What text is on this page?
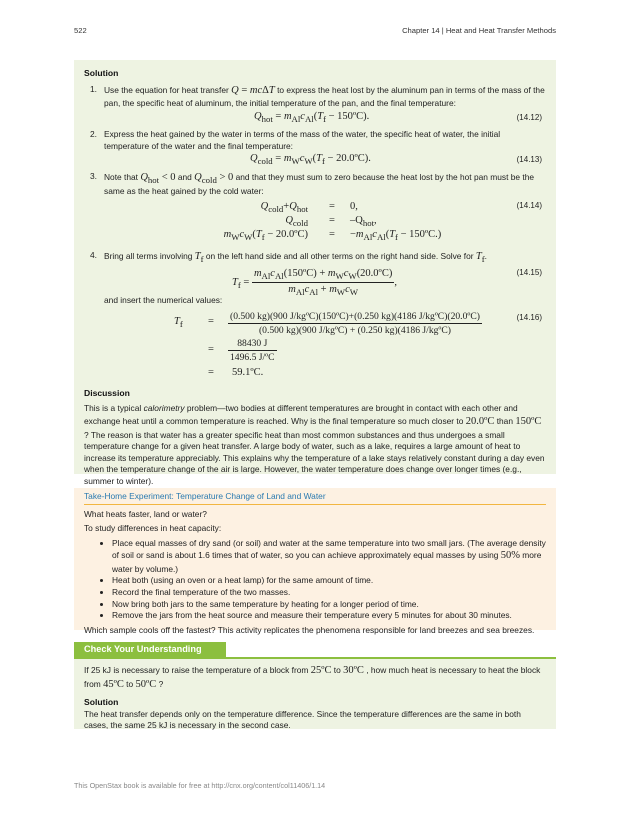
522	Chapter 14 | Heat and Heat Transfer Methods
Solution
1. Use the equation for heat transfer Q = mcΔT to express the heat lost by the aluminum pan in terms of the mass of the pan, the specific heat of aluminum, the initial temperature of the pan, and the final temperature:
$Q_{hot} = m_{Al}c_{Al}(T_f$ − 150ºC).	(14.12)
2. Express the heat gained by the water in terms of the mass of the water, the specific heat of water, the initial temperature of the water and the final temperature:
$Q_{cold} = m_Wc_W(T_f$ − 20.0ºC).	(14.13)
3. Note that $Q_{hot} < 0$ and $Q_{cold} > 0$ and that they must sum to zero because the heat lost by the hot pan must be the same as the heat gained by the cold water:
(14.14)
$Q_{cold}+Q_{hot} = 0$,
$Q_{cold} = -Q_{hot}$,
$m_Wc_W(T_f$ − 20.0ºC) = $-m_{Al}c_{Al}(T_f$ − 150ºC.)
4. Bring all terms involving $T_f$ on the left hand side and all other terms on the right hand side. Solve for $T_f$.
(14.15)
$T_f = \frac{m_{Al}c_{Al}(150ºC) + m_Wc_W(20.0ºC)}{m_{Al}c_{Al} + m_Wc_W}$ ,
and insert the numerical values:
(14.16)
$T_f = (0.500$ kg)(900 J/kgºC)(150ºC)+(0.250 kg)(4186 J/kgºC)(20.0ºC)
(0.500 kg)(900 J/kgºC) + (0.250 kg)(4186 J/kgºC)
= $\frac{88430 J}{\text{1496.5 J/ºC}}$
= 59.1ºC.
Discussion
This is a typical calorimetry problem—two bodies at different temperatures are brought in contact with each other and exchange heat until a common temperature is reached. Why is the final temperature so much closer to 20.0ºC than 150ºC ? The reason is that water has a greater specific heat than most common substances and thus undergoes a small temperature change for a given heat transfer. A large body of water, such as a lake, requires a large amount of heat to increase its temperature appreciably. This explains why the temperature of a lake stays relatively constant during a day even when the temperature change of the air is large. However, the water temperature does change over longer times (e.g., summer to winter).
Take-Home Experiment: Temperature Change of Land and Water

What heats faster, land or water?

To study differences in heat capacity:

• Place equal masses of dry sand (or soil) and water at the same temperature into two small jars. (The average density of soil or sand is about 1.6 times that of water, so you can achieve approximately equal masses by using 50% more water by volume.)
• Heat both (using an oven or a heat lamp) for the same amount of time.
• Record the final temperature of the two masses.
• Now bring both jars to the same temperature by heating for a longer period of time.
• Remove the jars from the heat source and measure their temperature every 5 minutes for about 30 minutes.

Which sample cools off the fastest? This activity replicates the phenomena responsible for land breezes and sea breezes.

Check Your Understanding

If 25 kJ is necessary to raise the temperature of a block from 25ºC to 30ºC , how much heat is necessary to heat the block from 45ºC to 50ºC ?

Solution

The heat transfer depends only on the temperature difference. Since the temperature differences are the same in both cases, the same 25 kJ is necessary in the second case.

This OpenStax book is available for free at http://cnx.org/content/col11406/1.14
